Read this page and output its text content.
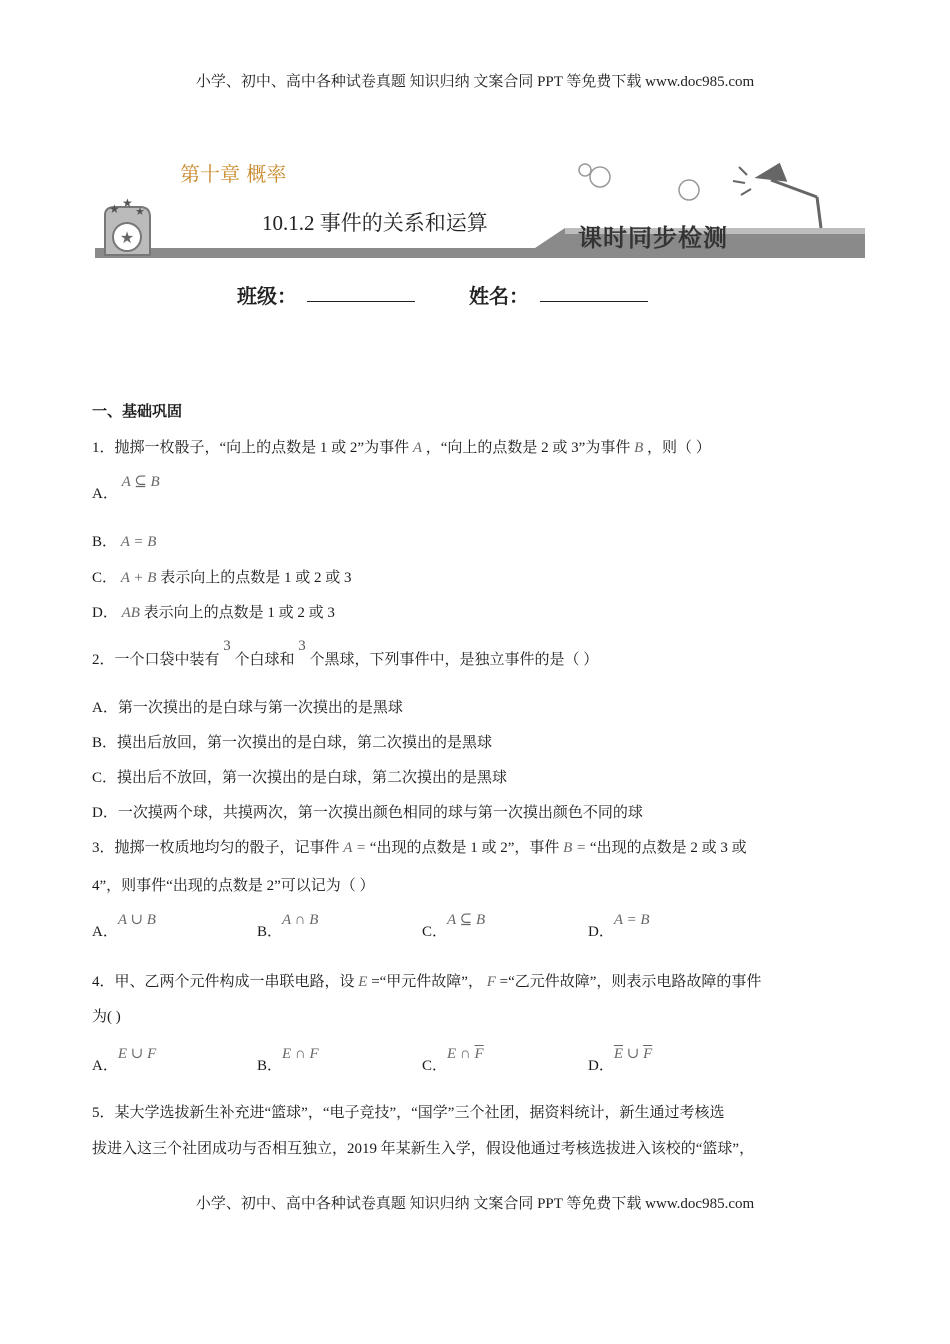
小学、初中、高中各种试卷真题 知识归纳 文案合同 PPT 等免费下载 www.doc985.com
★
★ ★
★
第十章 概率
10.1.2 事件的关系和运算
课时同步检测
班级：	姓名：
一、基础巩固
1．抛掷一枚骰子，“向上的点数是 1 或 2”为事件 A ，“向上的点数是 2 或 3”为事件 B ，则（ ）
A． A ⊆ B
B． A = B
C． A + B 表示向上的点数是 1 或 2 或 3
D． AB 表示向上的点数是 1 或 2 或 3
2．一个口袋中装有 3 个白球和 3 个黑球，下列事件中，是独立事件的是（ ）
A．第一次摸出的是白球与第一次摸出的是黑球
B．摸出后放回，第一次摸出的是白球，第二次摸出的是黑球
C．摸出后不放回，第一次摸出的是白球，第二次摸出的是黑球
D．一次摸两个球，共摸两次，第一次摸出颜色相同的球与第一次摸出颜色不同的球
3．抛掷一枚质地均匀的骰子，记事件 A = “出现的点数是 1 或 2”，事件 B = “出现的点数是 2 或 3 或
4”，则事件“出现的点数是 2”可以记为（ ）
A．A ∪ B
B．A ∩ B
C．A ⊆ B
D．A = B
4．甲、乙两个元件构成一串联电路，设 E =“甲元件故障”， F =“乙元件故障”，则表示电路故障的事件
为( )
A．E ∪ F
B．E ∩ F
C．E ∩ $\overline{F}$
D．$\overline{E}$ ∪ $\overline{F}$
5．某大学选拔新生补充进“篮球”，“电子竞技”，“国学”三个社团，据资料统计，新生通过考核选
拔进入这三个社团成功与否相互独立，2019 年某新生入学，假设他通过考核选拔进入该校的“篮球”，
小学、初中、高中各种试卷真题 知识归纳 文案合同 PPT 等免费下载 www.doc985.com
